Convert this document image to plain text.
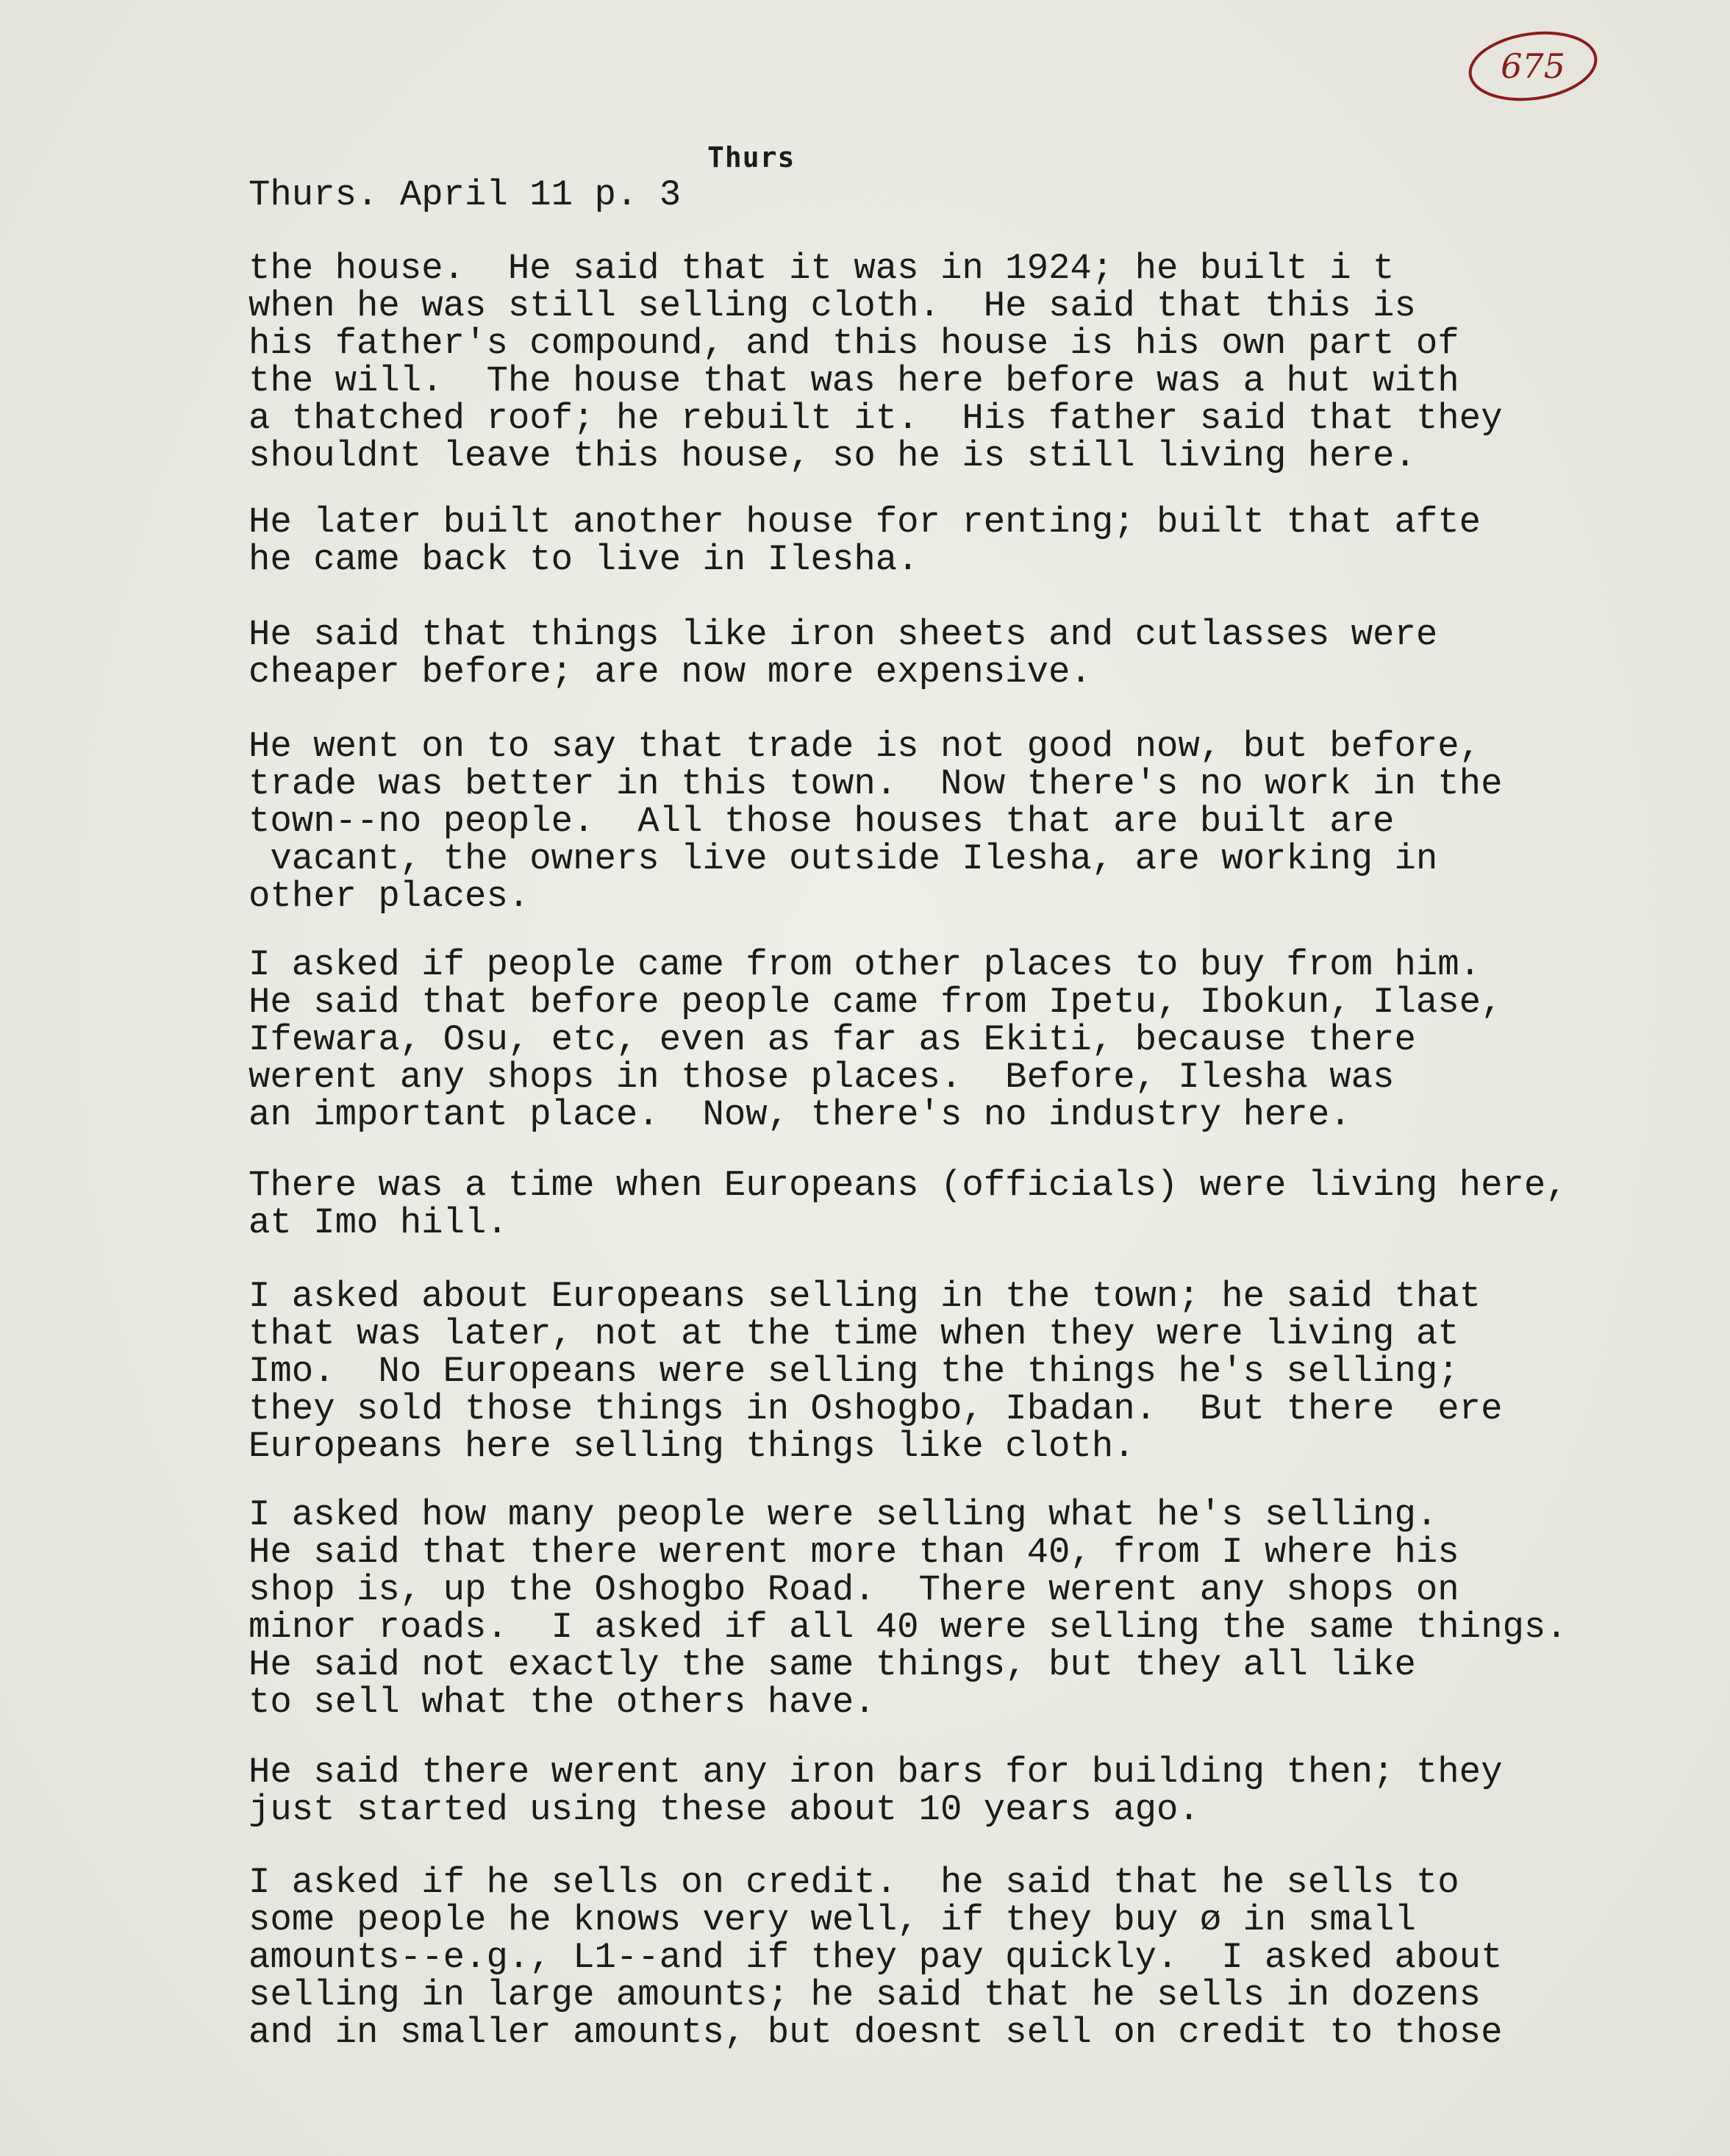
675
Thurs
Thurs. April 11 p. 3
the house.  He said that it was in 1924; he built i t
when he was still selling cloth.  He said that this is
his father's compound, and this house is his own part of
the will.  The house that was here before was a hut with
a thatched roof; he rebuilt it.  His father said that they
shouldnt leave this house, so he is still living here.
He later built another house for renting; built that afte
he came back to live in Ilesha.
He said that things like iron sheets and cutlasses were
cheaper before; are now more expensive.
He went on to say that trade is not good now, but before,
trade was better in this town.  Now there's no work in the
town--no people.  All those houses that are built are
vacant, the owners live outside Ilesha, are working in
other places.
I asked if people came from other places to buy from him.
He said that before people came from Ipetu, Ibokun, Ilase,
Ifewara, Osu, etc, even as far as Ekiti, because there
werent any shops in those places.  Before, Ilesha was
an important place.  Now, there's no industry here.
There was a time when Europeans (officials) were living here,
at Imo hill.
I asked about Europeans selling in the town; he said that
that was later, not at the time when they were living at
Imo.  No Europeans were selling the things he's selling;
they sold those things in Oshogbo, Ibadan.  But there  ere
Europeans here selling things like cloth.
I asked how many people were selling what he's selling.
He said that there werent more than 40, from I where his
shop is, up the Oshogbo Road.  There werent any shops on
minor roads.  I asked if all 40 were selling the same things.
He said not exactly the same things, but they all like
to sell what the others have.
He said there werent any iron bars for building then; they
just started using these about 10 years ago.
I asked if he sells on credit.  he said that he sells to
some people he knows very well, if they buy ø in small
amounts--e.g., L1--and if they pay quickly.  I asked about
selling in large amounts; he said that he sells in dozens
and in smaller amounts, but doesnt sell on credit to those
